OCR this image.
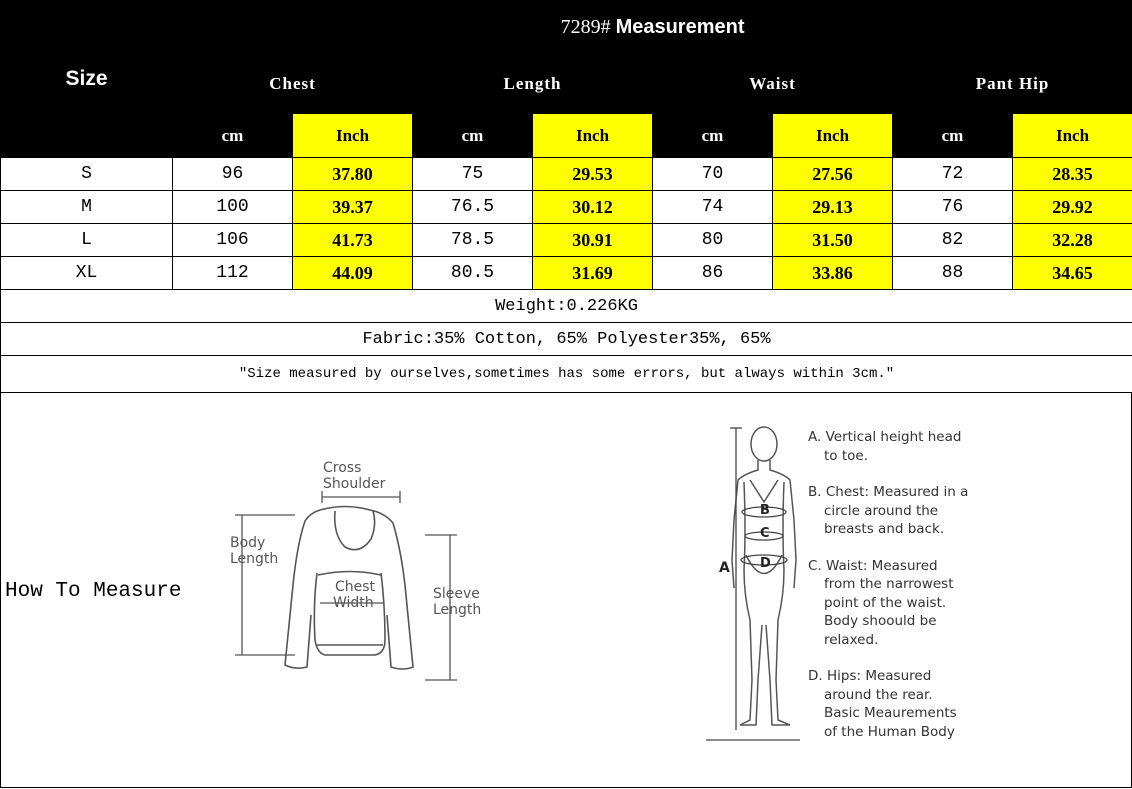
Size	7289# Measurement							
	Chest		Length		Waist		Pant Hip	
	cm	Inch	cm	Inch	cm	Inch	cm	Inch
S	96	37.80	75	29.53	70	27.56	72	28.35
M	100	39.37	76.5	30.12	74	29.13	76	29.92
L	106	41.73	78.5	30.91	80	31.50	82	32.28
XL	112	44.09	80.5	31.69	86	33.86	88	34.65
Weight:0.226KG								
Fabric:35% Cotton, 65% Polyester35%, 65%								
"Size measured by ourselves,sometimes has some errors, but always within 3cm."								
How To Measure
Cross
Shoulder
Body
Length
Chest
Width
Sleeve
Length
A
B
C
D

A. Vertical height head
to toe.

B. Chest: Measured in a
circle around the
breasts and back.

C. Waist: Measured
from the narrowest
point of the waist.
Body shoould be
relaxed.

D. Hips: Measured
around the rear.
Basic Meaurements
of the Human Body
